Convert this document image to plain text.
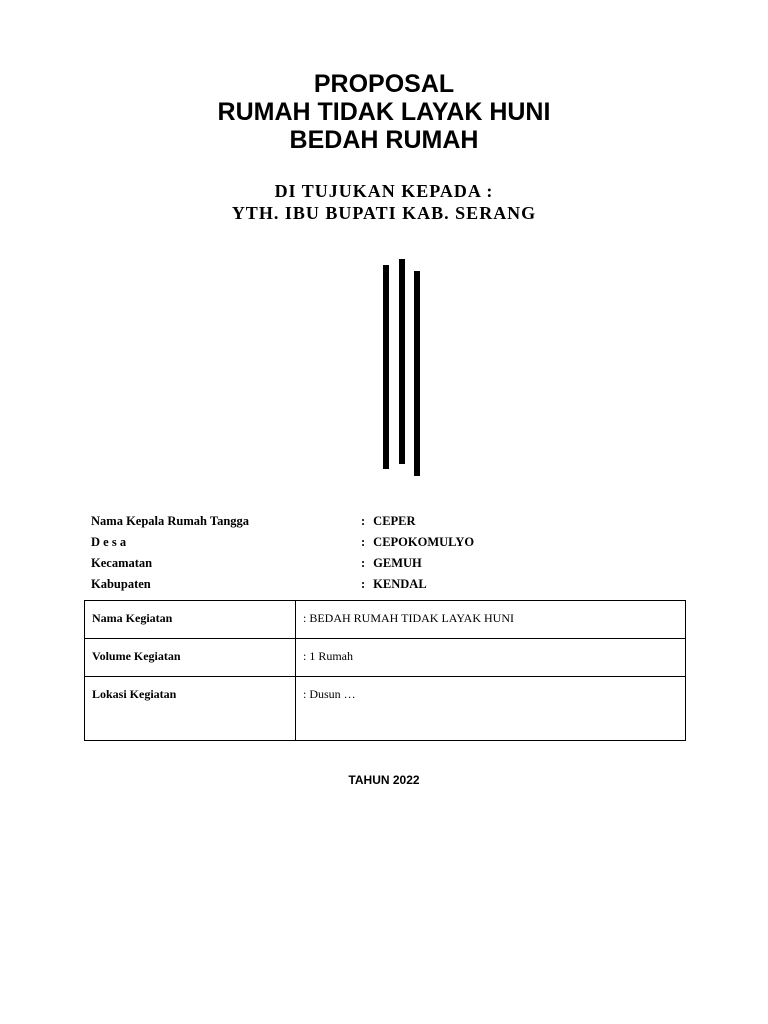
PROPOSAL
RUMAH TIDAK LAYAK HUNI
BEDAH RUMAH
DI TUJUKAN KEPADA :
YTH. IBU BUPATI KAB. SERANG
Nama Kepala Rumah Tangga	: CEPER
D e s a	: CEPOKOMULYO
Kecamatan	: GEMUH
Kabupaten	: KENDAL
Nama Kegiatan	: BEDAH RUMAH TIDAK LAYAK HUNI

Volume Kegiatan	: 1 Rumah

Lokasi Kegiatan	: Dusun …
TAHUN 2022
